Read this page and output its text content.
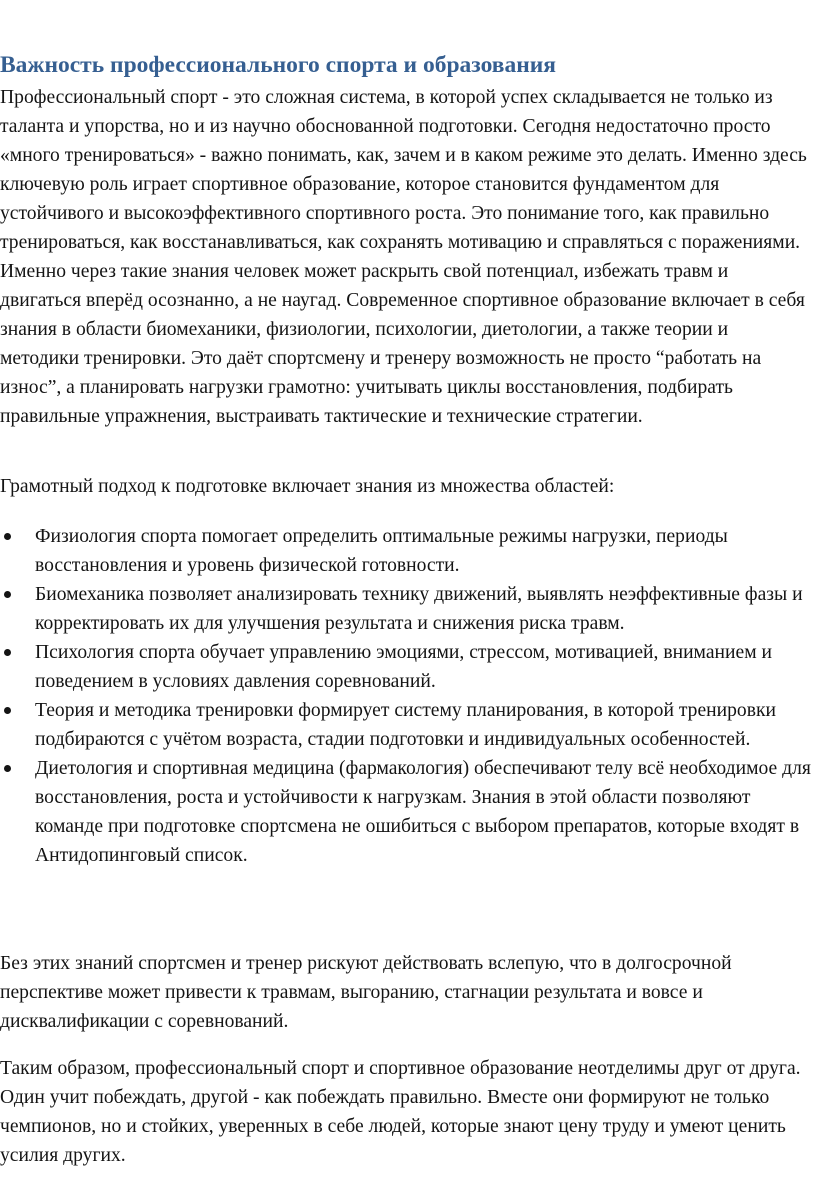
Важность профессионального спорта и образования

Профессиональный спорт - это сложная система, в которой успех складывается не только из таланта и упорства, но и из научно обоснованной подготовки. Сегодня недостаточно просто «много тренироваться» - важно понимать, как, зачем и в каком режиме это делать. Именно здесь ключевую роль играет спортивное образование, которое становится фундаментом для устойчивого и высокоэффективного спортивного роста. Это понимание того, как правильно тренироваться, как восстанавливаться, как сохранять мотивацию и справляться с поражениями. Именно через такие знания человек может раскрыть свой потенциал, избежать травм и двигаться вперёд осознанно, а не наугад. Современное спортивное образование включает в себя знания в области биомеханики, физиологии, психологии, диетологии, а также теории и методики тренировки. Это даёт спортсмену и тренеру возможность не просто “работать на износ”, а планировать нагрузки грамотно: учитывать циклы восстановления, подбирать правильные упражнения, выстраивать тактические и технические стратегии.

Грамотный подход к подготовке включает знания из множества областей:

Физиология спорта помогает определить оптимальные режимы нагрузки, периоды восстановления и уровень физической готовности.
Биомеханика позволяет анализировать технику движений, выявлять неэффективные фазы и корректировать их для улучшения результата и снижения риска травм.
Психология спорта обучает управлению эмоциями, стрессом, мотивацией, вниманием и поведением в условиях давления соревнований.
Теория и методика тренировки формирует систему планирования, в которой тренировки подбираются с учётом возраста, стадии подготовки и индивидуальных особенностей.
Диетология и спортивная медицина (фармакология) обеспечивают телу всё необходимое для восстановления, роста и устойчивости к нагрузкам. Знания в этой области позволяют команде при подготовке спортсмена не ошибиться с выбором препаратов, которые входят в Антидопинговый список.

Без этих знаний спортсмен и тренер рискуют действовать вслепую, что в долгосрочной перспективе может привести к травмам, выгоранию, стагнации результата и вовсе и дисквалификации с соревнований.

Таким образом, профессиональный спорт и спортивное образование неотделимы друг от друга. Один учит побеждать, другой - как побеждать правильно. Вместе они формируют не только чемпионов, но и стойких, уверенных в себе людей, которые знают цену труду и умеют ценить усилия других.
